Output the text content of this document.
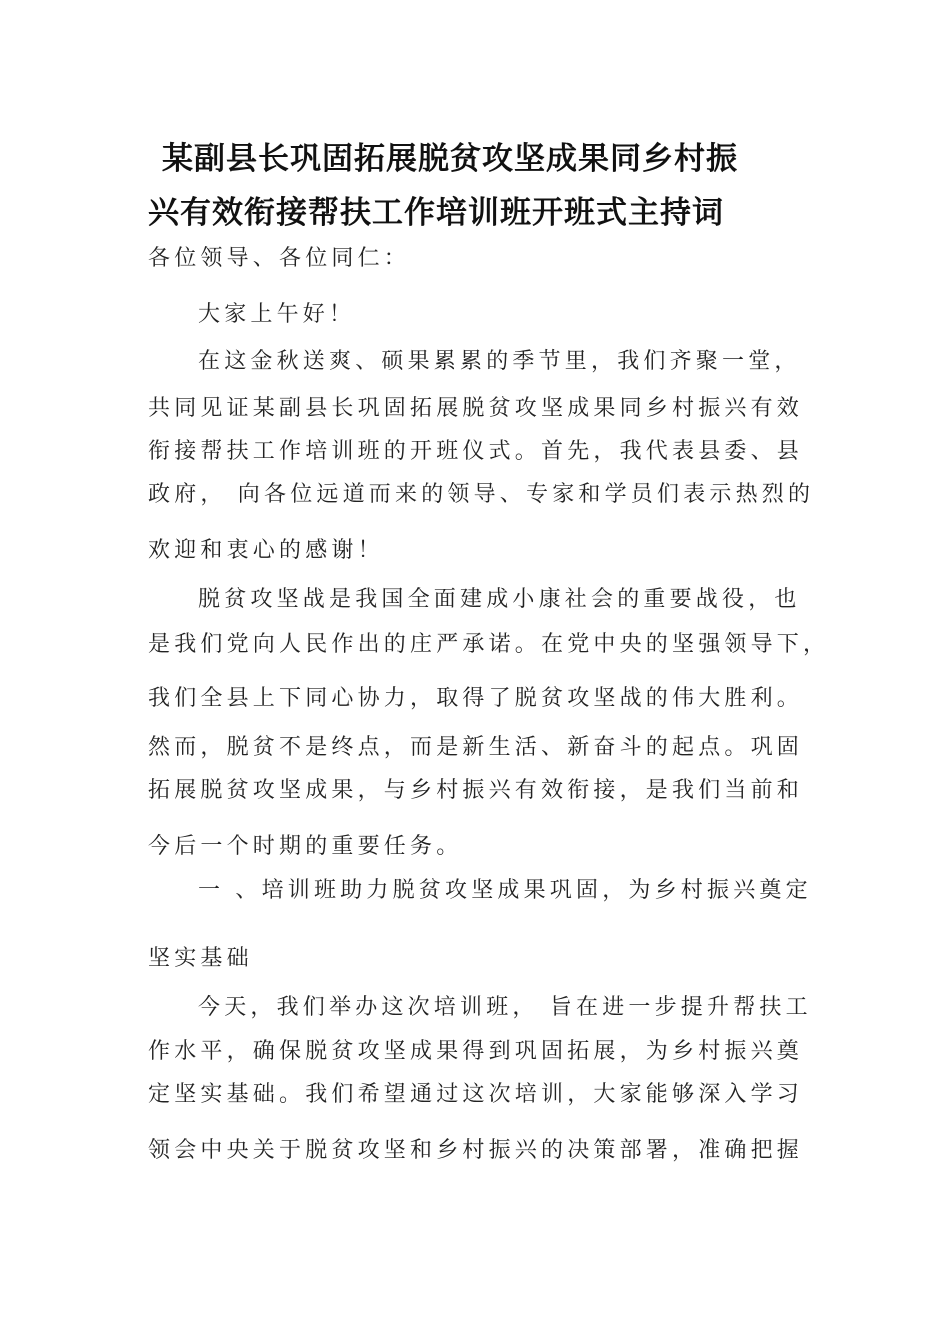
某副县长巩固拓展脱贫攻坚成果同乡村振
兴有效衔接帮扶工作培训班开班式主持词

各位领导、各位同仁：

大家上午好！

在这金秋送爽、硕果累累的季节里，我们齐聚一堂，

共同见证某副县长巩固拓展脱贫攻坚成果同乡村振兴有效

衔接帮扶工作培训班的开班仪式。首先，我代表县委、县

政府， 向各位远道而来的领导、专家和学员们表示热烈的

欢迎和衷心的感谢！

脱贫攻坚战是我国全面建成小康社会的重要战役，也

是我们党向人民作出的庄严承诺。在党中央的坚强领导下，

我们全县上下同心协力，取得了脱贫攻坚战的伟大胜利。

然而，脱贫不是终点，而是新生活、新奋斗的起点。巩固

拓展脱贫攻坚成果，与乡村振兴有效衔接，是我们当前和

今后一个时期的重要任务。

一 、培训班助力脱贫攻坚成果巩固，为乡村振兴奠定

坚实基础

今天，我们举办这次培训班， 旨在进一步提升帮扶工

作水平，确保脱贫攻坚成果得到巩固拓展，为乡村振兴奠

定坚实基础。我们希望通过这次培训，大家能够深入学习

领会中央关于脱贫攻坚和乡村振兴的决策部署，准确把握
